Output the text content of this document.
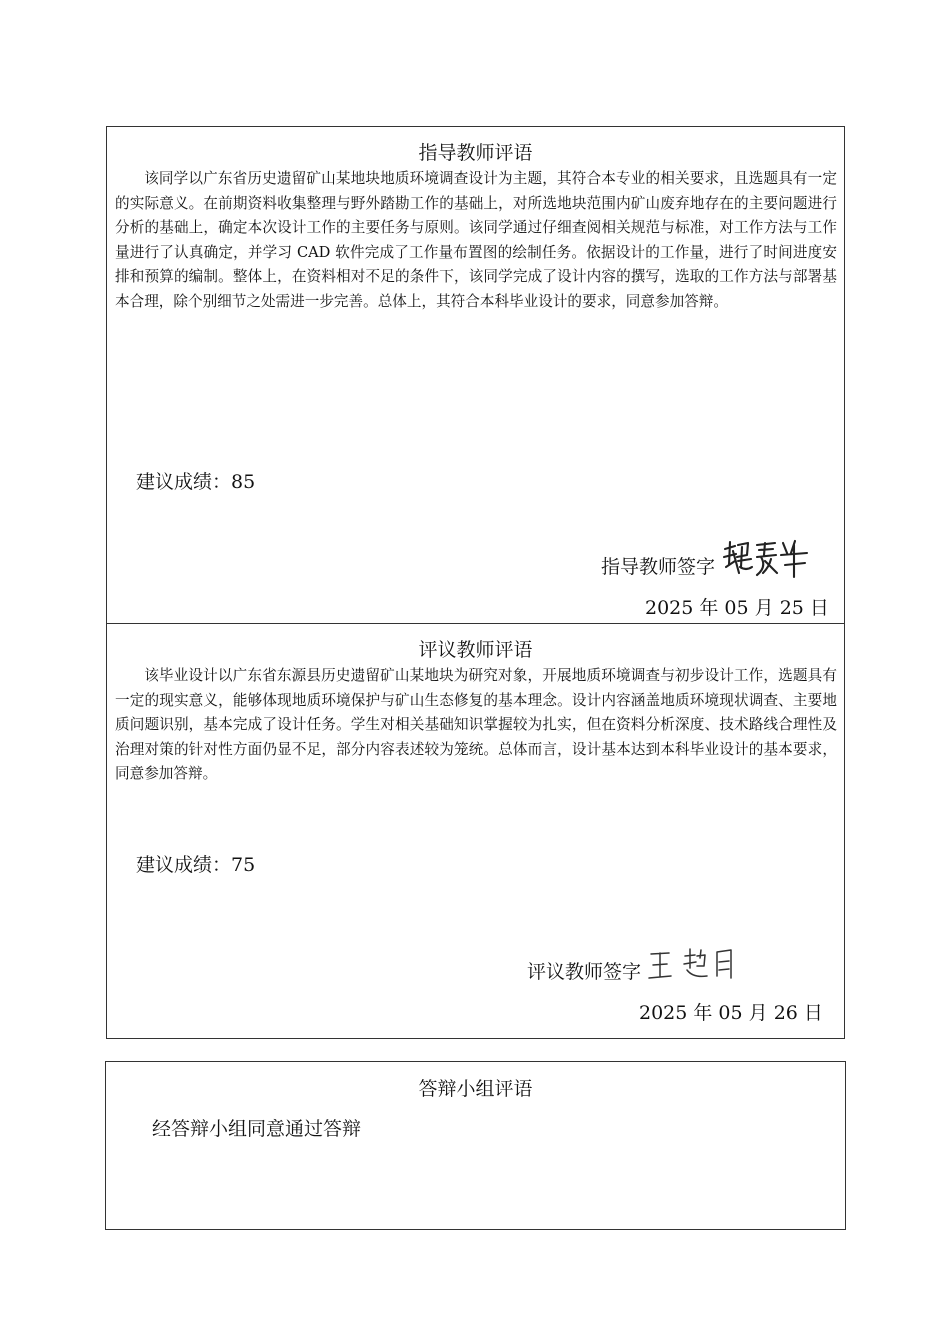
指导教师评语

该同学以广东省历史遗留矿山某地块地质环境调查设计为主题，其符合本专业的相关要求，且选题具有一定的实际意义。在前期资料收集整理与野外踏勘工作的基础上，对所选地块范围内矿山废弃地存在的主要问题进行分析的基础上，确定本次设计工作的主要任务与原则。该同学通过仔细查阅相关规范与标准，对工作方法与工作量进行了认真确定，并学习 CAD 软件完成了工作量布置图的绘制任务。依据设计的工作量，进行了时间进度安排和预算的编制。整体上，在资料相对不足的条件下，该同学完成了设计内容的撰写，选取的工作方法与部署基本合理，除个别细节之处需进一步完善。总体上，其符合本科毕业设计的要求，同意参加答辩。

建议成绩：85
指导教师签字
2025 年 05 月 25 日
评议教师评语

该毕业设计以广东省东源县历史遗留矿山某地块为研究对象，开展地质环境调查与初步设计工作，选题具有一定的现实意义，能够体现地质环境保护与矿山生态修复的基本理念。设计内容涵盖地质环境现状调查、主要地质问题识别，基本完成了设计任务。学生对相关基础知识掌握较为扎实，但在资料分析深度、技术路线合理性及治理对策的针对性方面仍显不足，部分内容表述较为笼统。总体而言，设计基本达到本科毕业设计的基本要求，同意参加答辩。

建议成绩：75
评议教师签字
2025 年 05 月 26 日
答辩小组评语
经答辩小组同意通过答辩
